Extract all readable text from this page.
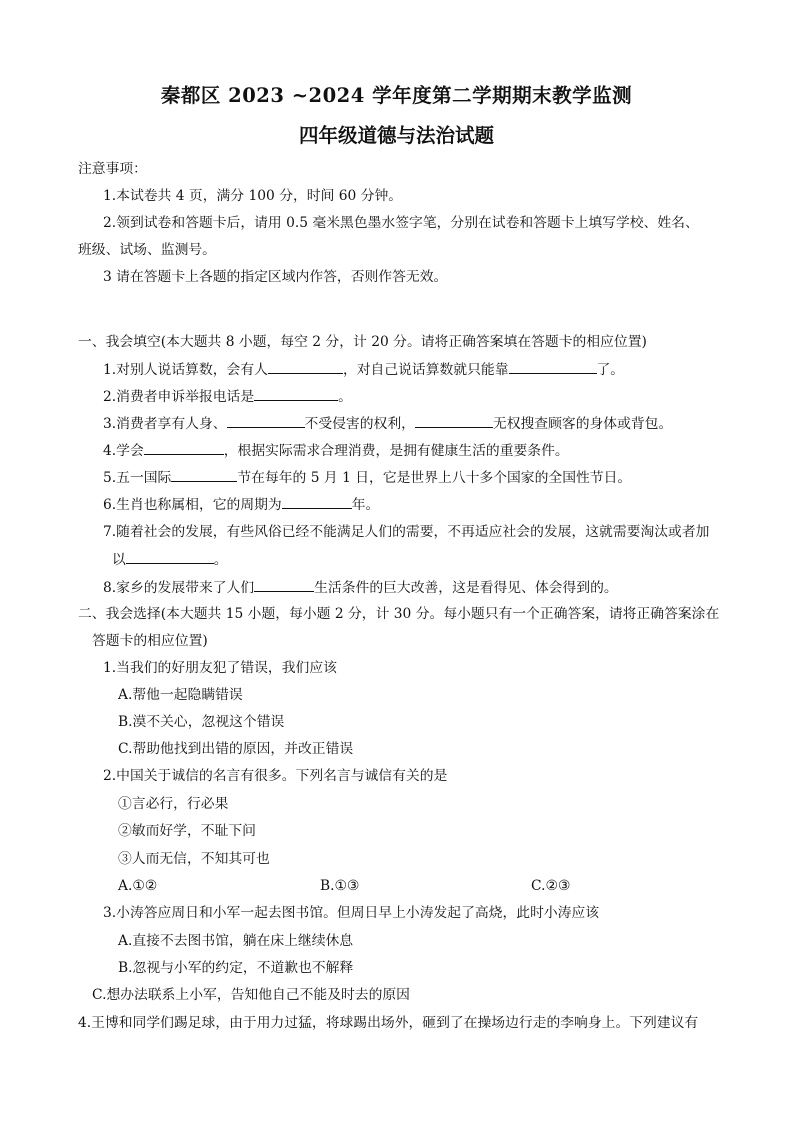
秦都区 2023 ~2024 学年度第二学期期末教学监测
四年级道德与法治试题
注意事项：
1.本试卷共 4 页，满分 100 分，时间 60 分钟。
2.领到试卷和答题卡后，请用 0.5 毫米黑色墨水签字笔，分别在试卷和答题卡上填写学校、姓名、
班级、试场、监测号。
3 请在答题卡上各题的指定区域内作答，否则作答无效。
一、我会填空(本大题共 8 小题，每空 2 分，计 20 分。请将正确答案填在答题卡的相应位置)
1.对别人说话算数，会有人	，对自己说话算数就只能靠	了。
2.消费者申诉举报电话是	。
3.消费者享有人身、	不受侵害的权利，	无权搜查顾客的身体或背包。
4.学会	，根据实际需求合理消费，是拥有健康生活的重要条件。
5.五一国际	节在每年的 5 月 1 日，它是世界上八十多个国家的全国性节日。
6.生肖也称属相，它的周期为	年。
7.随着社会的发展，有些风俗已经不能满足人们的需要，不再适应社会的发展，这就需要淘汰或者加
以	。
8.家乡的发展带来了人们	生活条件的巨大改善，这是看得见、体会得到的。
二、我会选择(本大题共 15 小题，每小题 2 分，计 30 分。每小题只有一个正确答案，请将正确答案涂在
答题卡的相应位置)
1.当我们的好朋友犯了错误，我们应该
A.帮他一起隐瞒错误
B.漠不关心，忽视这个错误
C.帮助他找到出错的原因，并改正错误
2.中国关于诚信的名言有很多。下列名言与诚信有关的是
①言必行，行必果
②敏而好学，不耻下问
③人而无信，不知其可也
A.①②	B.①③	C.②③
3.小涛答应周日和小军一起去图书馆。但周日早上小涛发起了高烧，此时小涛应该
A.直接不去图书馆，躺在床上继续休息
B.忽视与小军的约定，不道歉也不解释
C.想办法联系上小军，告知他自己不能及时去的原因
4.王博和同学们踢足球，由于用力过猛，将球踢出场外，砸到了在操场边行走的李响身上。下列建议有
